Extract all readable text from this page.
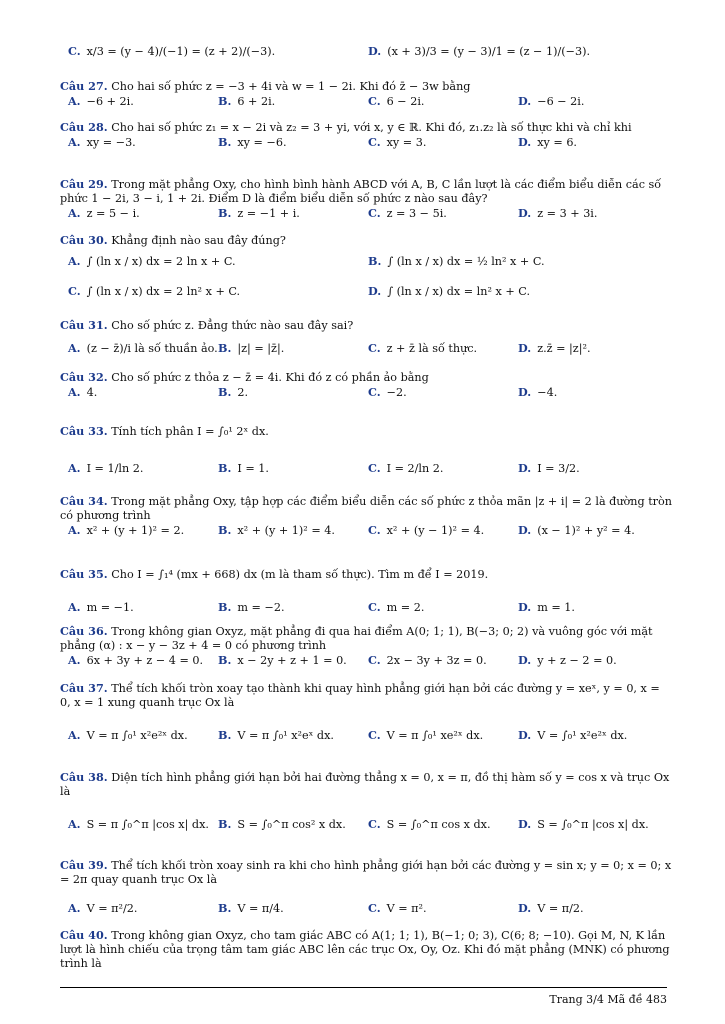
C. x/3 = (y − 4)/(−1) = (z + 2)/(−3).	D. (x + 3)/3 = (y − 3)/1 = (z − 1)/(−3).
Câu 27. Cho hai số phức z = −3 + 4i và w = 1 − 2i. Khi đó z̄ − 3w bằng
A. −6 + 2i.	B. 6 + 2i.	C. 6 − 2i.	D. −6 − 2i.
Câu 28. Cho hai số phức z₁ = x − 2i và z₂ = 3 + yi, với x, y ∈ ℝ. Khi đó, z₁.z₂ là số thực khi và chỉ khi
A. xy = −3.	B. xy = −6.	C. xy = 3.	D. xy = 6.
Câu 29. Trong mặt phẳng Oxy, cho hình bình hành ABCD với A, B, C lần lượt là các điểm biểu diễn các số phức 1 − 2i, 3 − i, 1 + 2i. Điểm D là điểm biểu diễn số phức z nào sau đây?
A. z = 5 − i.	B. z = −1 + i.	C. z = 3 − 5i.	D. z = 3 + 3i.
Câu 30. Khẳng định nào sau đây đúng?
A. ∫ (ln x / x) dx = 2 ln x + C.	B. ∫ (ln x / x) dx = ½ ln² x + C.
C. ∫ (ln x / x) dx = 2 ln² x + C.	D. ∫ (ln x / x) dx = ln² x + C.
Câu 31. Cho số phức z. Đẳng thức nào sau đây sai?
A. (z − z̄)/i là số thuần ảo. B. |z| = |z̄|.	C. z + z̄ là số thực.	D. z.z̄ = |z|².
Câu 32. Cho số phức z thỏa z − z̄ = 4i. Khi đó z có phần ảo bằng
A. 4.	B. 2.	C. −2.	D. −4.
Câu 33. Tính tích phân I = ∫₀¹ 2ˣ dx.
A. I = 1/ln 2.	B. I = 1.	C. I = 2/ln 2.	D. I = 3/2.
Câu 34. Trong mặt phẳng Oxy, tập hợp các điểm biểu diễn các số phức z thỏa mãn |z + i| = 2 là đường tròn có phương trình
A. x² + (y + 1)² = 2.	B. x² + (y + 1)² = 4.	C. x² + (y − 1)² = 4.	D. (x − 1)² + y² = 4.
Câu 35. Cho I = ∫₁⁴ (mx + 668) dx (m là tham số thực). Tìm m để I = 2019.
A. m = −1.	B. m = −2.	C. m = 2.	D. m = 1.
Câu 36. Trong không gian Oxyz, mặt phẳng đi qua hai điểm A(0; 1; 1), B(−3; 0; 2) và vuông góc với mặt phẳng (α) : x − y − 3z + 4 = 0 có phương trình
A. 6x + 3y + z − 4 = 0. B. x − 2y + z + 1 = 0. C. 2x − 3y + 3z = 0.	D. y + z − 2 = 0.
Câu 37. Thể tích khối tròn xoay tạo thành khi quay hình phẳng giới hạn bởi các đường y = xeˣ, y = 0, x = 0, x = 1 xung quanh trục Ox là
A. V = π ∫₀¹ x²e²ˣ dx.	B. V = π ∫₀¹ x²eˣ dx.	C. V = π ∫₀¹ xe²ˣ dx.	D. V = ∫₀¹ x²e²ˣ dx.
Câu 38. Diện tích hình phẳng giới hạn bởi hai đường thẳng x = 0, x = π, đồ thị hàm số y = cos x và trục Ox là
A. S = π ∫₀^π |cos x| dx. B. S = ∫₀^π cos² x dx. C. S = ∫₀^π cos x dx. D. S = ∫₀^π |cos x| dx.
Câu 39. Thể tích khối tròn xoay sinh ra khi cho hình phẳng giới hạn bởi các đường y = sin x; y = 0; x = 0; x = 2π quay quanh trục Ox là
A. V = π²/2.	B. V = π/4.	C. V = π².	D. V = π/2.
Câu 40. Trong không gian Oxyz, cho tam giác ABC có A(1; 1; 1), B(−1; 0; 3), C(6; 8; −10). Gọi M, N, K lần lượt là hình chiếu của trọng tâm tam giác ABC lên các trục Ox, Oy, Oz. Khi đó mặt phẳng (MNK) có phương trình là
Trang 3/4 Mã đề 483
